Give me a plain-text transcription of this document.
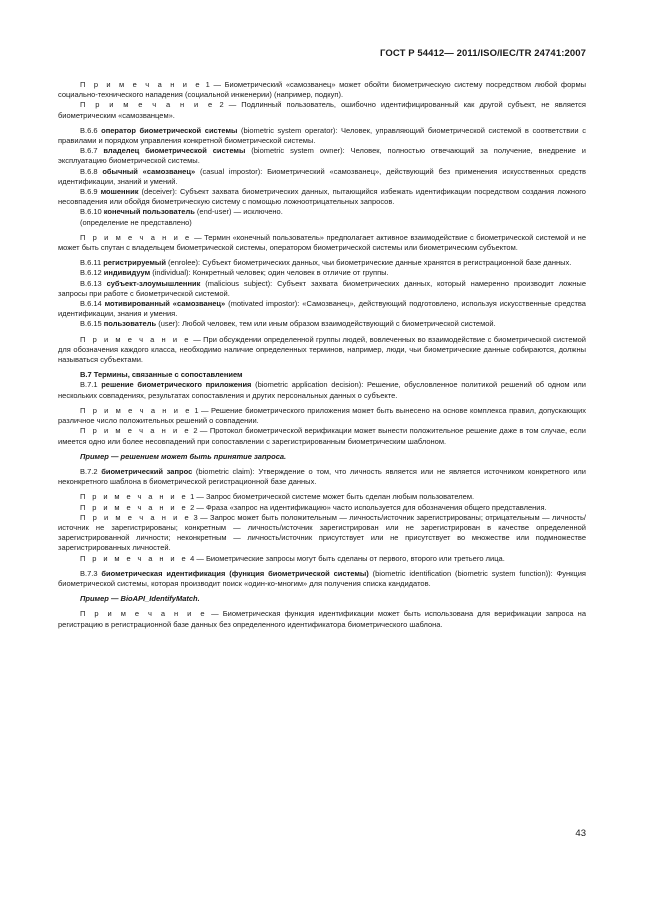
ГОСТ Р 54412— 2011/ISO/IEC/TR 24741:2007

П р и м е ч а н и е 1 — Биометрический «самозванец» может обойти биометрическую систему посредством любой формы социально-технического нападения (социальной инженерии) (например, подкуп).

П р и м е ч а н и е 2 — Подлинный пользователь, ошибочно идентифицированный как другой субъект, не является биометрическим «самозванцем».

В.6.6 оператор биометрической системы (biometric system operator): Человек, управляющий биометрической системой в соответствии с правилами и порядком управления конкретной биометрической системы.

В.6.7 владелец биометрической системы (biometric system owner): Человек, полностью отвечающий за получение, внедрение и эксплуатацию биометрической системы.

В.6.8 обычный «самозванец» (casual impostor): Биометрический «самозванец», действующий без применения искусственных средств идентификации, знаний и умений.

В.6.9 мошенник (deceiver): Субъект захвата биометрических данных, пытающийся избежать идентификации посредством создания ложного несовпадения или обойдя биометрическую систему с помощью ложноотрицательных запросов.

В.6.10 конечный пользователь (end-user) — исключено.

(определение не представлено)

П р и м е ч а н и е — Термин «конечный пользователь» предполагает активное взаимодействие с биометрической системой и не может быть спутан с владельцем биометрической системы, оператором биометрической системы или биометрическим субъектом.

В.6.11 регистрируемый (enrolee): Субъект биометрических данных, чьи биометрические данные хранятся в регистрационной базе данных.

В.6.12 индивидуум (individual): Конкретный человек; один человек в отличие от группы.

В.6.13 субъект-злоумышленник (malicious subject): Субъект захвата биометрических данных, который намеренно производит ложные запросы при работе с биометрической системой.

В.6.14 мотивированный «самозванец» (motivated impostor): «Самозванец», действующий подготовлено, используя искусственные средства идентификации, знания и умения.

В.6.15 пользователь (user): Любой человек, тем или иным образом взаимодействующий с биометрической системой.

П р и м е ч а н и е — При обсуждении определенной группы людей, вовлеченных во взаимодействие с биометрической системой для обозначения каждого класса, необходимо наличие определенных терминов, например, люди, чьи биометрические данные собираются, должны называться субъектами.

В.7 Термины, связанные с сопоставлением

В.7.1 решение биометрического приложения (biometric application decision): Решение, обусловленное политикой решений об одном или нескольких совпадениях, результатах сопоставления и других персональных данных о субъекте.

П р и м е ч а н и е 1 — Решение биометрического приложения может быть вынесено на основе комплекса правил, допускающих различное число положительных решений о совпадении.

П р и м е ч а н и е 2 — Протокол биометрической верификации может вынести положительное решение даже в том случае, если имеется одно или более несовпадений при сопоставлении с зарегистрированным биометрическим шаблоном.

Пример — решением может быть принятие запроса.

В.7.2 биометрический запрос (biometric claim): Утверждение о том, что личность является или не является источником конкретного или неконкретного шаблона в биометрической регистрационной базе данных.

П р и м е ч а н и е 1 — Запрос биометрической системе может быть сделан любым пользователем.

П р и м е ч а н и е 2 — Фраза «запрос на идентификацию» часто используется для обозначения общего представления.

П р и м е ч а н и е 3 — Запрос может быть положительным — личность/источник зарегистрированы; отрицательным — личность/источник не зарегистрированы; конкретным — личность/источник зарегистрирован или не зарегистрирован в качестве определенной зарегистрированной личности; неконкретным — личность/источник присутствует или не присутствует во множестве или подмножестве зарегистрированных личностей.

П р и м е ч а н и е 4 — Биометрические запросы могут быть сделаны от первого, второго или третьего лица.

В.7.3 биометрическая идентификация (функция биометрической системы) (biometric identification (biometric system function)): Функция биометрической системы, которая производит поиск «один-ко-многим» для получения списка кандидатов.

Пример — BioAPI_IdentifyMatch.

П р и м е ч а н и е — Биометрическая функция идентификации может быть использована для верификации запроса на регистрацию в регистрационной базе данных без определенного идентификатора биометрического шаблона.

43
